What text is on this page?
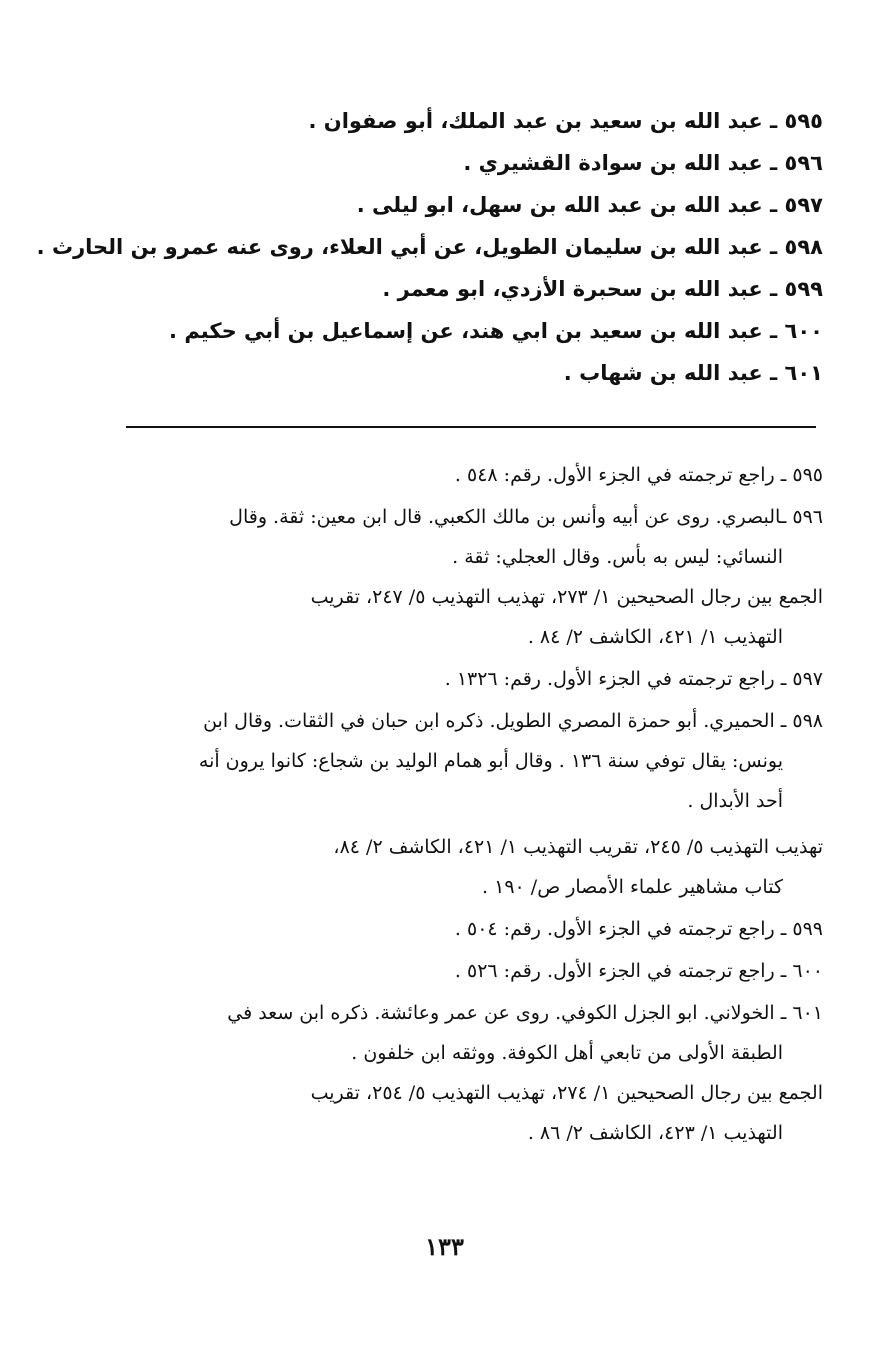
٥٩٥ ـ عبد الله بن سعيد بن عبد الملك، أبو صفوان .
٥٩٦ ـ عبد الله بن سوادة القشيري .
٥٩٧ ـ عبد الله بن عبد الله بن سهل، ابو ليلى .
٥٩٨ ـ عبد الله بن سليمان الطويل، عن أبي العلاء، روى عنه عمرو بن الحارث .
٥٩٩ ـ عبد الله بن سحبرة الأزدي، ابو معمر .
٦٠٠ ـ عبد الله بن سعيد بن ابي هند، عن إسماعيل بن أبي حكيم .
٦٠١ ـ عبد الله بن شهاب .
٥٩٥ ـ راجع ترجمته في الجزء الأول. رقم: ٥٤٨ .
٥٩٦ ـالبصري. روى عن أبيه وأنس بن مالك الكعبي. قال ابن معين: ثقة. وقال
النسائي: ليس به بأس. وقال العجلي: ثقة .
الجمع بين رجال الصحيحين ١/ ٢٧٣، تهذيب التهذيب ٥/ ٢٤٧، تقريب
التهذيب ١/ ٤٢١، الكاشف ٢/ ٨٤ .
٥٩٧ ـ راجع ترجمته في الجزء الأول. رقم: ١٣٢٦ .
٥٩٨ ـ الحميري. أبو حمزة المصري الطويل. ذكره ابن حبان في الثقات. وقال ابن
يونس: يقال توفي سنة ١٣٦ . وقال أبو همام الوليد بن شجاع: كانوا يرون أنه
أحد الأبدال .
تهذيب التهذيب ٥/ ٢٤٥، تقريب التهذيب ١/ ٤٢١، الكاشف ٢/ ٨٤،
كتاب مشاهير علماء الأمصار ص/ ١٩٠ .
٥٩٩ ـ راجع ترجمته في الجزء الأول. رقم: ٥٠٤ .
٦٠٠ ـ راجع ترجمته في الجزء الأول. رقم: ٥٢٦ .
٦٠١ ـ الخولاني. ابو الجزل الكوفي. روى عن عمر وعائشة. ذكره ابن سعد في
الطبقة الأولى من تابعي أهل الكوفة. ووثقه ابن خلفون .
الجمع بين رجال الصحيحين ١/ ٢٧٤، تهذيب التهذيب ٥/ ٢٥٤، تقريب
التهذيب ١/ ٤٢٣، الكاشف ٢/ ٨٦ .
١٣٣
